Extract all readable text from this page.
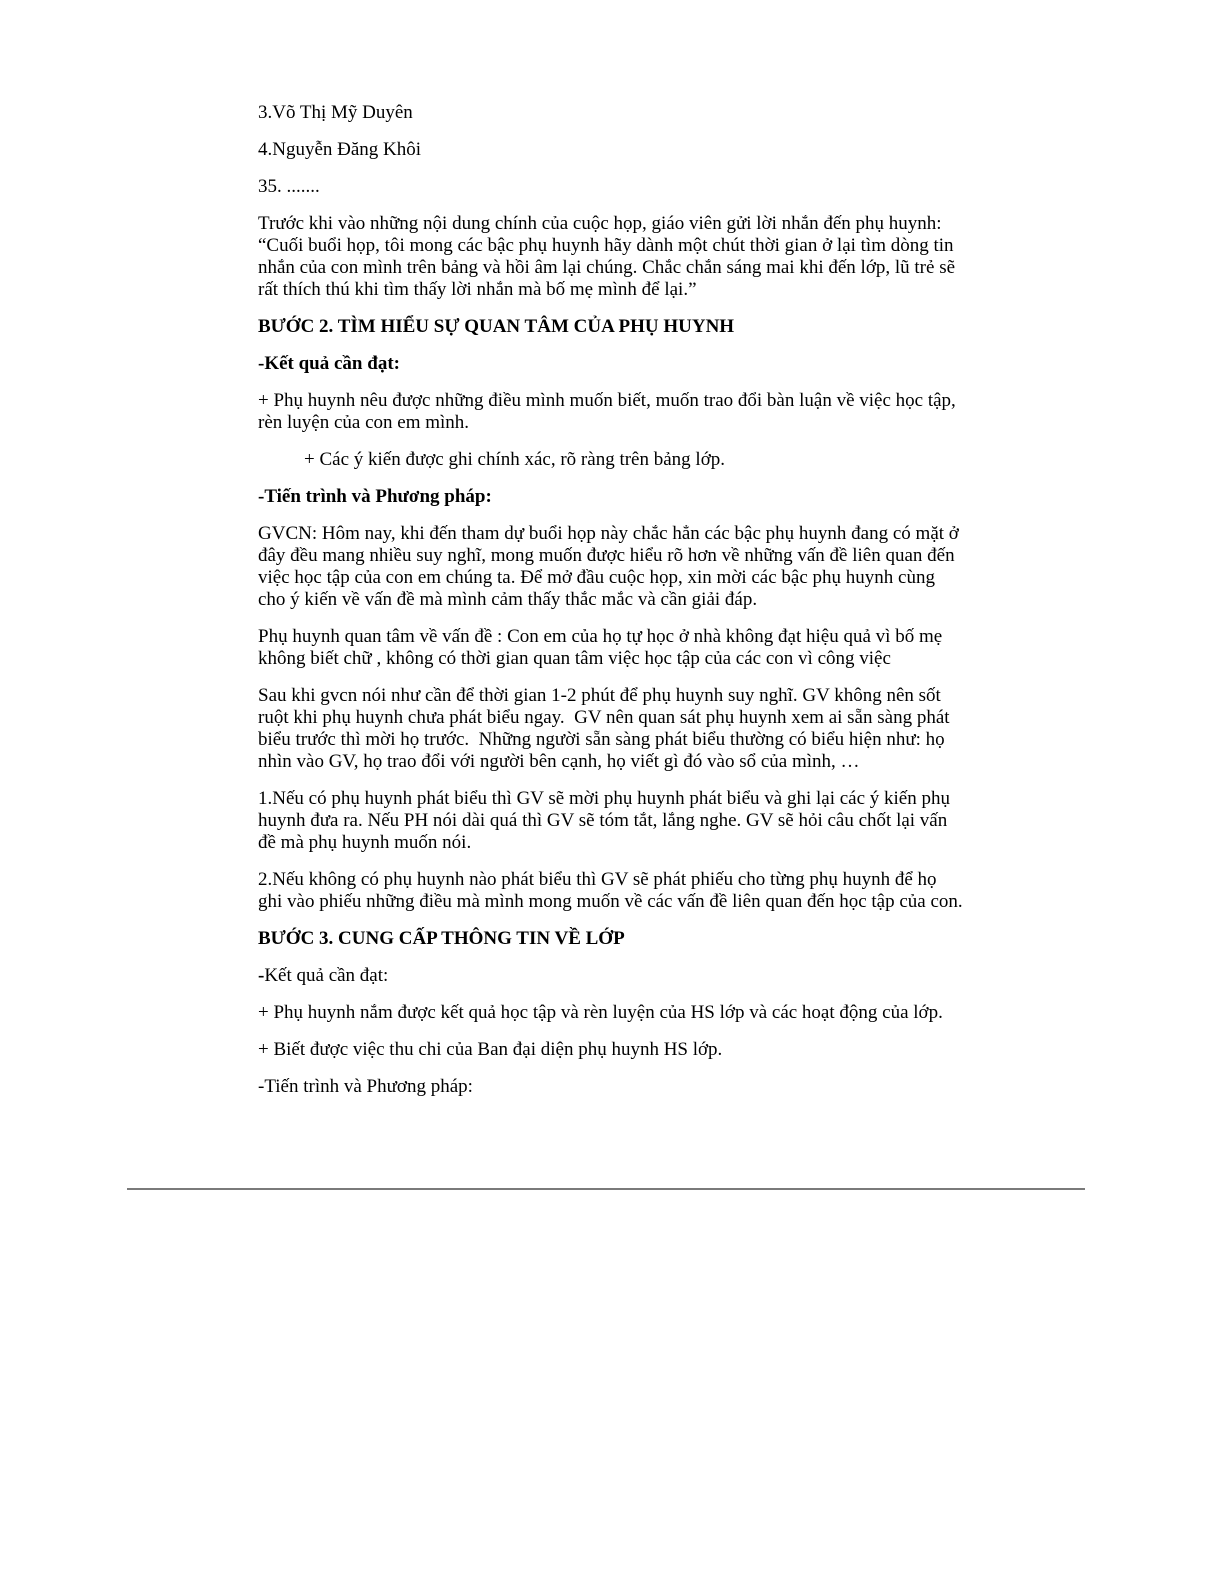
3.Võ Thị Mỹ Duyên

4.Nguyễn Đăng Khôi

35. .......

Trước khi vào những nội dung chính của cuộc họp, giáo viên gửi lời nhắn đến phụ huynh: “Cuối buổi họp, tôi mong các bậc phụ huynh hãy dành một chút thời gian ở lại tìm dòng tin nhắn của con mình trên bảng và hồi âm lại chúng. Chắc chắn sáng mai khi đến lớp, lũ trẻ sẽ rất thích thú khi tìm thấy lời nhắn mà bố mẹ mình để lại.”

BƯỚC 2. TÌM HIỂU SỰ QUAN TÂM CỦA PHỤ HUYNH

-Kết quả cần đạt:

+ Phụ huynh nêu được những điều mình muốn biết, muốn trao đổi bàn luận về việc học tập, rèn luyện của con em mình.

+ Các ý kiến được ghi chính xác, rõ ràng trên bảng lớp.

-Tiến trình và Phương pháp:

GVCN: Hôm nay, khi đến tham dự buổi họp này chắc hẳn các bậc phụ huynh đang có mặt ở đây đều mang nhiều suy nghĩ, mong muốn được hiểu rõ hơn về những vấn đề liên quan đến việc học tập của con em chúng ta. Để mở đầu cuộc họp, xin mời các bậc phụ huynh cùng cho ý kiến về vấn đề mà mình cảm thấy thắc mắc và cần giải đáp.

Phụ huynh quan tâm về vấn đề : Con em của họ tự học ở nhà không đạt hiệu quả vì bố mẹ không biết chữ , không có thời gian quan tâm việc học tập của các con vì công việc

Sau khi gvcn nói như cần để thời gian 1-2 phút để phụ huynh suy nghĩ. GV không nên sốt ruột khi phụ huynh chưa phát biểu ngay.  GV nên quan sát phụ huynh xem ai sẵn sàng phát biểu trước thì mời họ trước.  Những người sẵn sàng phát biểu thường có biểu hiện như: họ nhìn vào GV, họ trao đổi với người bên cạnh, họ viết gì đó vào sổ của mình, …

1.Nếu có phụ huynh phát biểu thì GV sẽ mời phụ huynh phát biểu và ghi lại các ý kiến phụ huynh đưa ra. Nếu PH nói dài quá thì GV sẽ tóm tắt, lắng nghe. GV sẽ hỏi câu chốt lại vấn đề mà phụ huynh muốn nói.

2.Nếu không có phụ huynh nào phát biểu thì GV sẽ phát phiếu cho từng phụ huynh để họ ghi vào phiếu những điều mà mình mong muốn về các vấn đề liên quan đến học tập của con.

BƯỚC 3. CUNG CẤP THÔNG TIN VỀ LỚP

-Kết quả cần đạt:

+ Phụ huynh nắm được kết quả học tập và rèn luyện của HS lớp và các hoạt động của lớp.

+ Biết được việc thu chi của Ban đại diện phụ huynh HS lớp.

-Tiến trình và Phương pháp:
